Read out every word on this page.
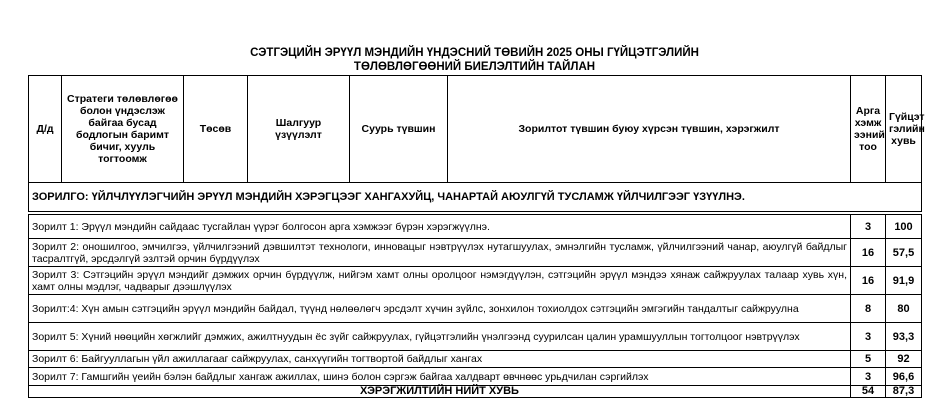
СЭТГЭЦИЙН ЭРҮҮЛ МЭНДИЙН ҮНДЭСНИЙ ТӨВИЙН 2025 ОНЫ ГҮЙЦЭТГЭЛИЙН
ТӨЛӨВЛӨГӨӨНИЙ БИЕЛЭЛТИЙН ТАЙЛАН
Д/д	Стратеги төлөвлөгөө болон үндэслэж байгаа бусад бодлогын баримт бичиг, хууль тогтоомж	Төсөв	Шалгуур үзүүлэлт	Суурь түвшин	Зорилтот түвшин буюу хүрсэн түвшин, хэрэгжилт	Арга хэмж ээний тоо	Гүйцэт гэлийн хувь
ЗОРИЛГО: ҮЙЛЧЛҮҮЛЭГЧИЙН ЭРҮҮЛ МЭНДИЙН ХЭРЭГЦЭЭГ ХАНГАХУЙЦ, ЧАНАРТАЙ АЮУЛГҮЙ ТУСЛАМЖ ҮЙЛЧИЛГЭЭГ ҮЗҮҮЛНЭ.							

Зорилт 1: Эрүүл мэндийн сайдаас тусгайлан үүрэг болгосон арга хэмжээг бүрэн хэрэгжүүлнэ.						3	100
Зорилт 2: оношилгоо, эмчилгээ, үйлчилгээний дэвшилтэт технологи, инновацыг нэвтрүүлэх нутагшуулах, эмнэлгийн тусламж, үйлчилгээний чанар, аюулгүй байдлыг тасралтгүй, эрсдэлгүй эзлтэй орчин бүрдүүлэх						16	57,5
Зорилт 3: Сэтгэцийн эрүүл мэндийг дэмжих орчин бүрдүүлж, нийгэм хамт олны оролцоог нэмэгдүүлэн, сэтгэцийн эрүүл мэндээ хянаж сайжруулах талаар хувь хүн, хамт олны мэдлэг, чадварыг дээшлүүлэх						16	91,9
Зорилт:4: Хүн амын сэтгэцийн эрүүл мэндийн байдал, түүнд нөлөөлөгч эрсдэлт хүчин зүйлс, зонхилон тохиолдох сэтгэцийн эмгэгийн тандалтыг сайжруулна						8	80
Зорилт 5: Хүний нөөцийн хөгжлийг дэмжих, ажилтнуудын ёс зүйг сайжруулах, гүйцэтгэлийн үнэлгээнд суурилсан цалин урамшууллын тогтолцоог нэвтрүүлэх						3	93,3
Зорилт 6: Байгууллагын үйл ажиллагааг сайжруулах, санхүүгийн тогтвортой байдлыг хангах						5	92
Зорилт 7: Гамшгийн үеийн бэлэн байдлыг хангаж ажиллах, шинэ болон сэргэж байгаа халдварт өвчнөөс урьдчилан сэргийлэх						3	96,6
ХЭРЭГЖИЛТИЙН НИЙТ ХУВЬ						54	87,3
